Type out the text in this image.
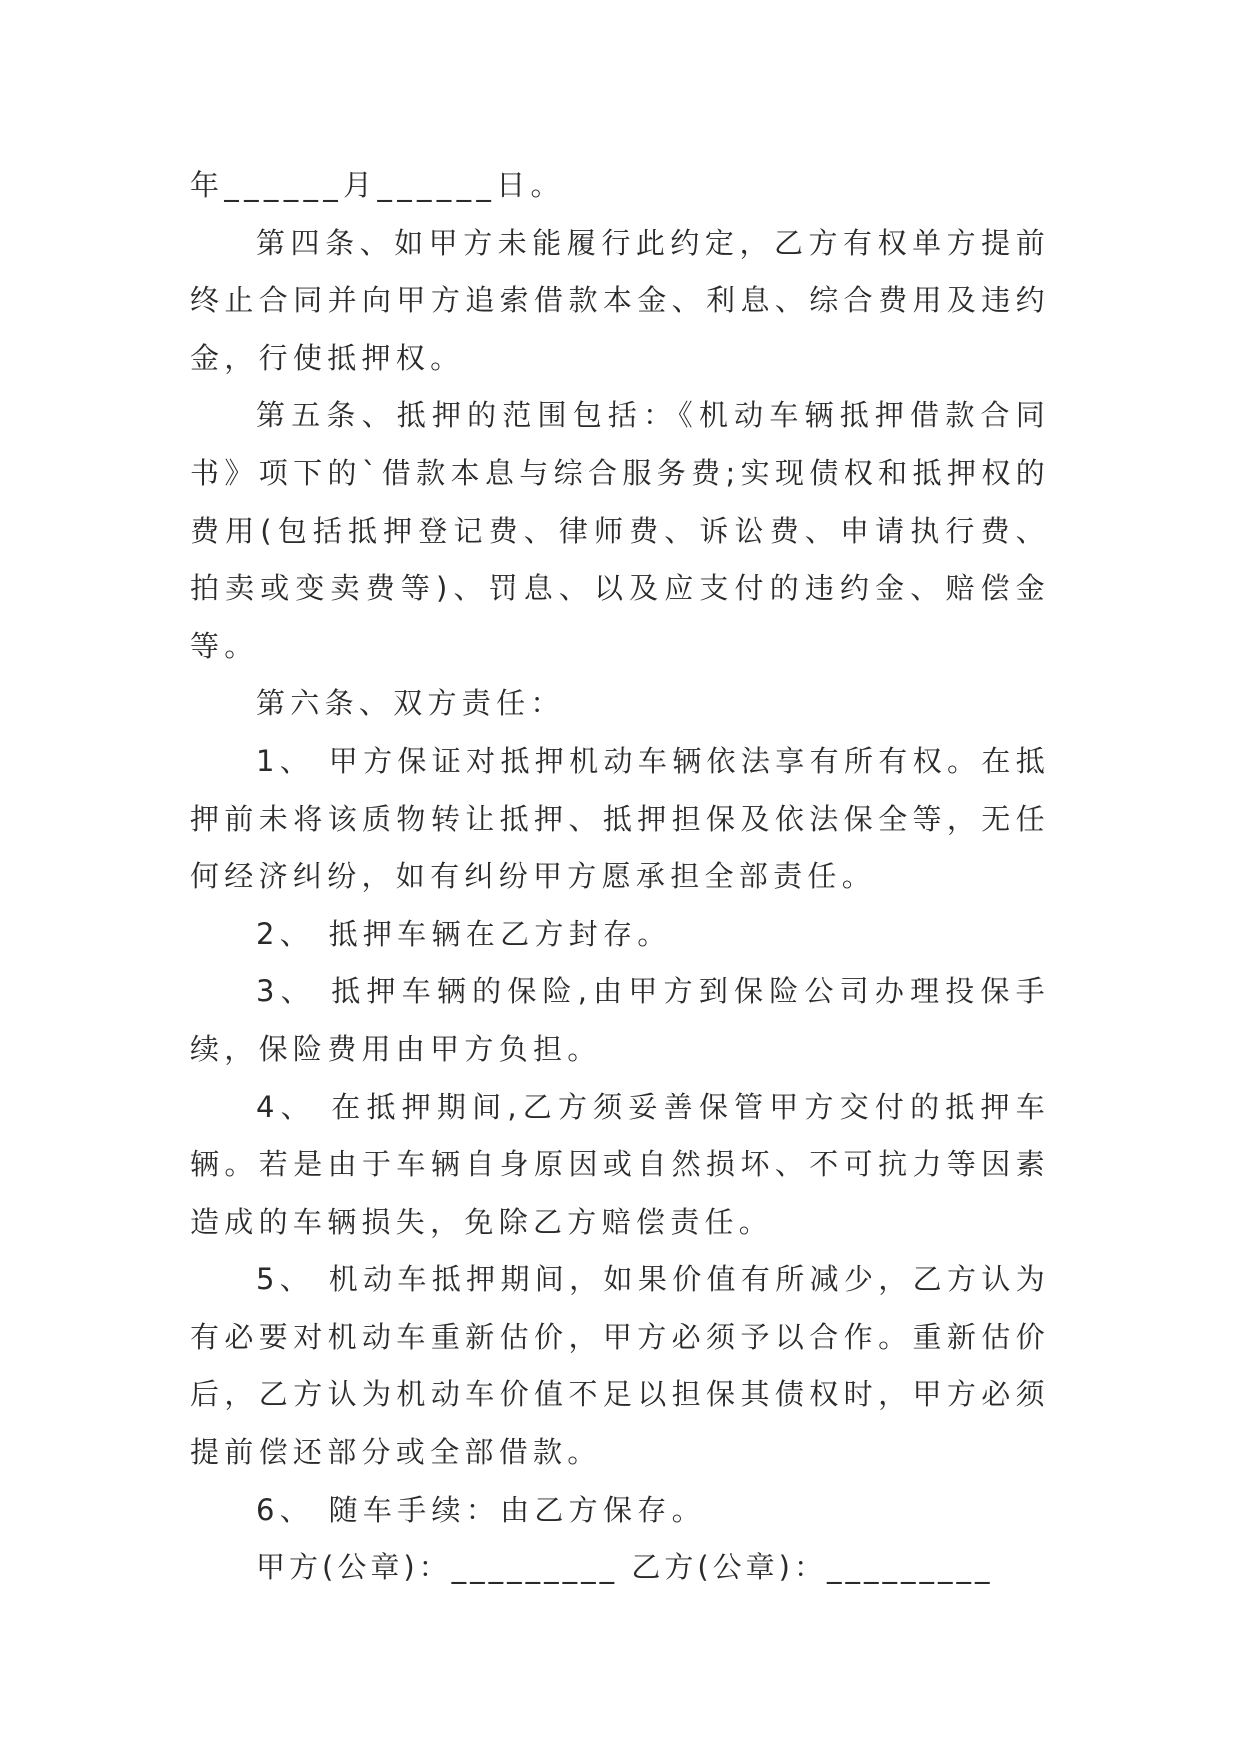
年______月______日。

第四条、如甲方未能履行此约定，乙方有权单方提前终止合同并向甲方追索借款本金、利息、综合费用及违约金，行使抵押权。

第五条、抵押的范围包括：《机动车辆抵押借款合同书》项下的`借款本息与综合服务费;实现债权和抵押权的费用(包括抵押登记费、律师费、诉讼费、申请执行费、拍卖或变卖费等)、罚息、以及应支付的违约金、赔偿金等。

第六条、双方责任：

1、 甲方保证对抵押机动车辆依法享有所有权。在抵押前未将该质物转让抵押、抵押担保及依法保全等，无任何经济纠纷，如有纠纷甲方愿承担全部责任。

2、 抵押车辆在乙方封存。

3、 抵押车辆的保险,由甲方到保险公司办理投保手续，保险费用由甲方负担。

4、 在抵押期间,乙方须妥善保管甲方交付的抵押车辆。若是由于车辆自身原因或自然损坏、不可抗力等因素造成的车辆损失，免除乙方赔偿责任。

5、 机动车抵押期间，如果价值有所减少，乙方认为有必要对机动车重新估价，甲方必须予以合作。重新估价后，乙方认为机动车价值不足以担保其债权时，甲方必须提前偿还部分或全部借款。

6、 随车手续：由乙方保存。

甲方(公章)：_________ 乙方(公章)：_________
